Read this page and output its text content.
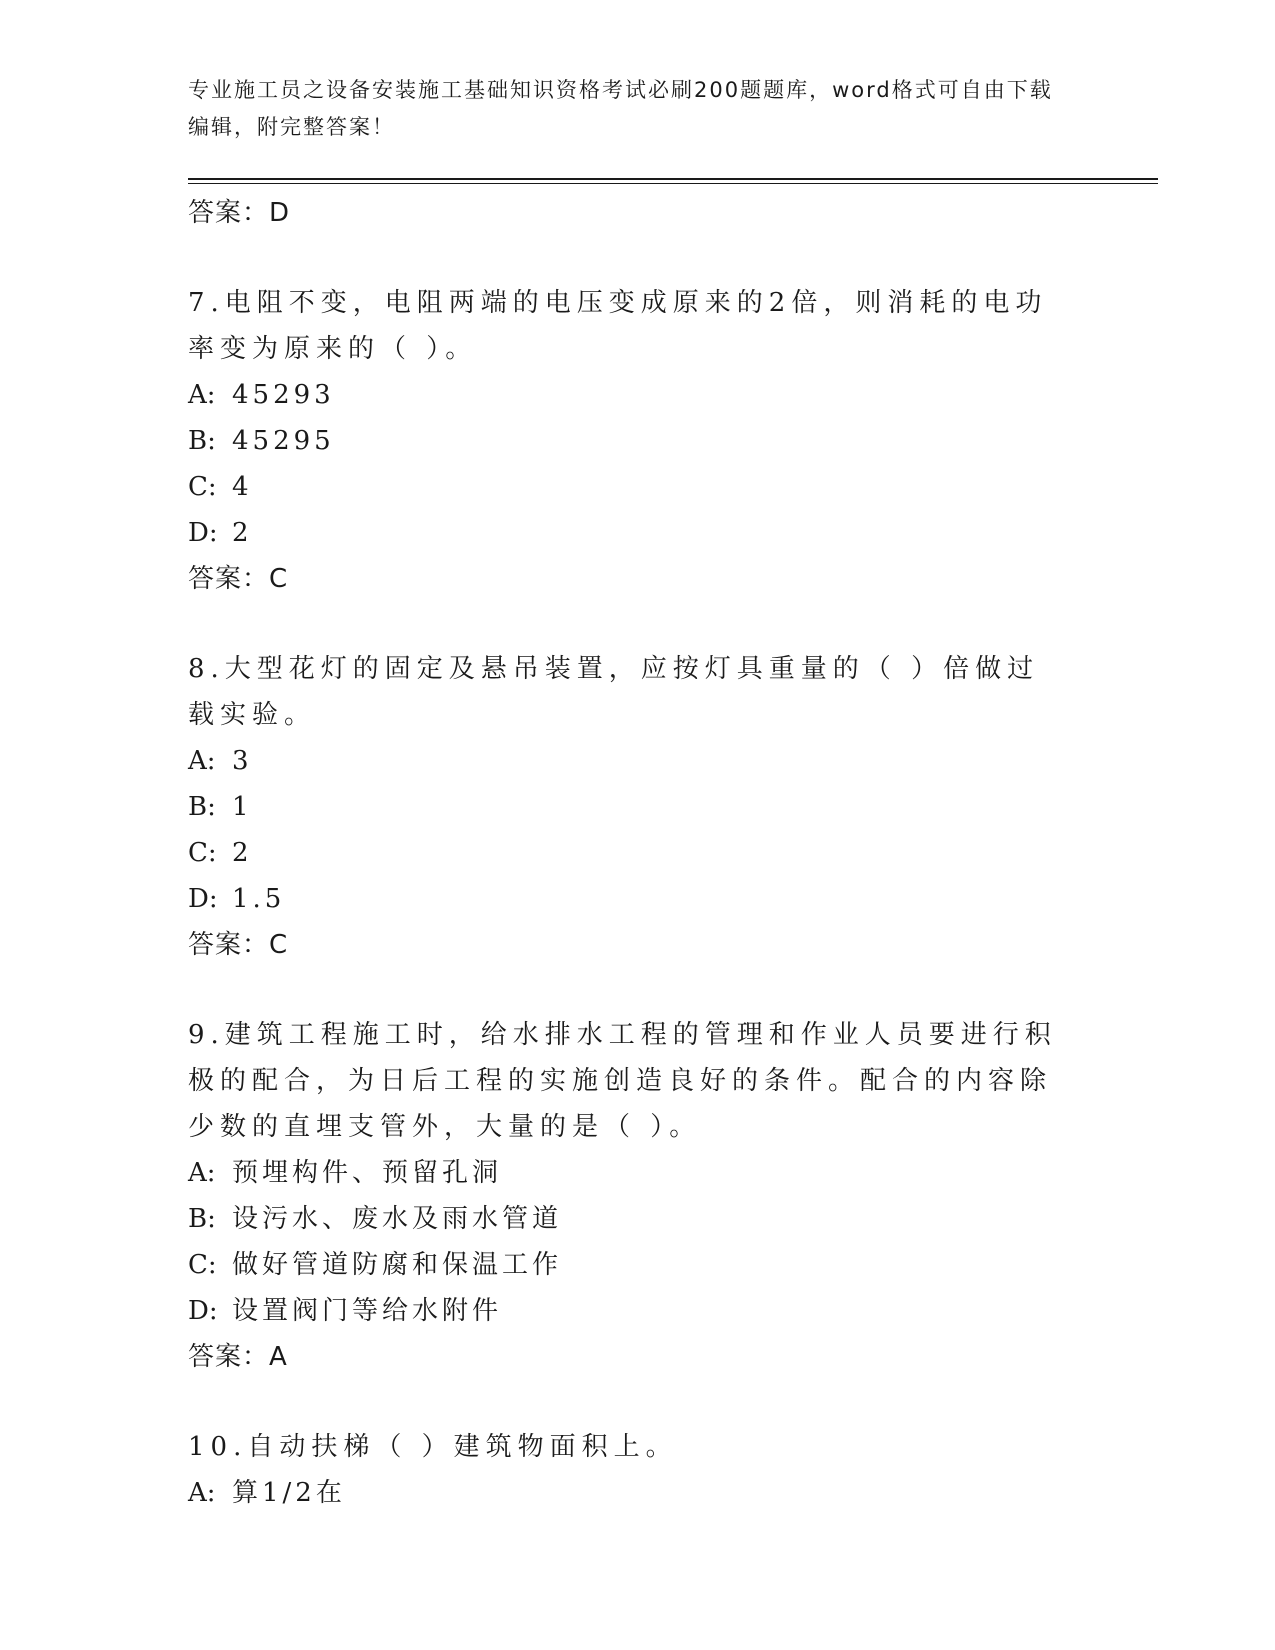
专业施工员之设备安装施工基础知识资格考试必刷200题题库，word格式可自由下载编辑，附完整答案！
答案：D
7.电阻不变，电阻两端的电压变成原来的2倍，则消耗的电功率变为原来的（ ）。
A: 45293
B: 45295
C: 4
D: 2
答案：C
8.大型花灯的固定及悬吊装置，应按灯具重量的（ ）倍做过载实验。
A: 3
B: 1
C: 2
D: 1.5
答案：C
9.建筑工程施工时，给水排水工程的管理和作业人员要进行积极的配合，为日后工程的实施创造良好的条件。配合的内容除少数的直埋支管外，大量的是（ ）。
A: 预埋构件、预留孔洞
B: 设污水、废水及雨水管道
C: 做好管道防腐和保温工作
D: 设置阀门等给水附件
答案：A
10.自动扶梯（ ）建筑物面积上。
A: 算1/2在
